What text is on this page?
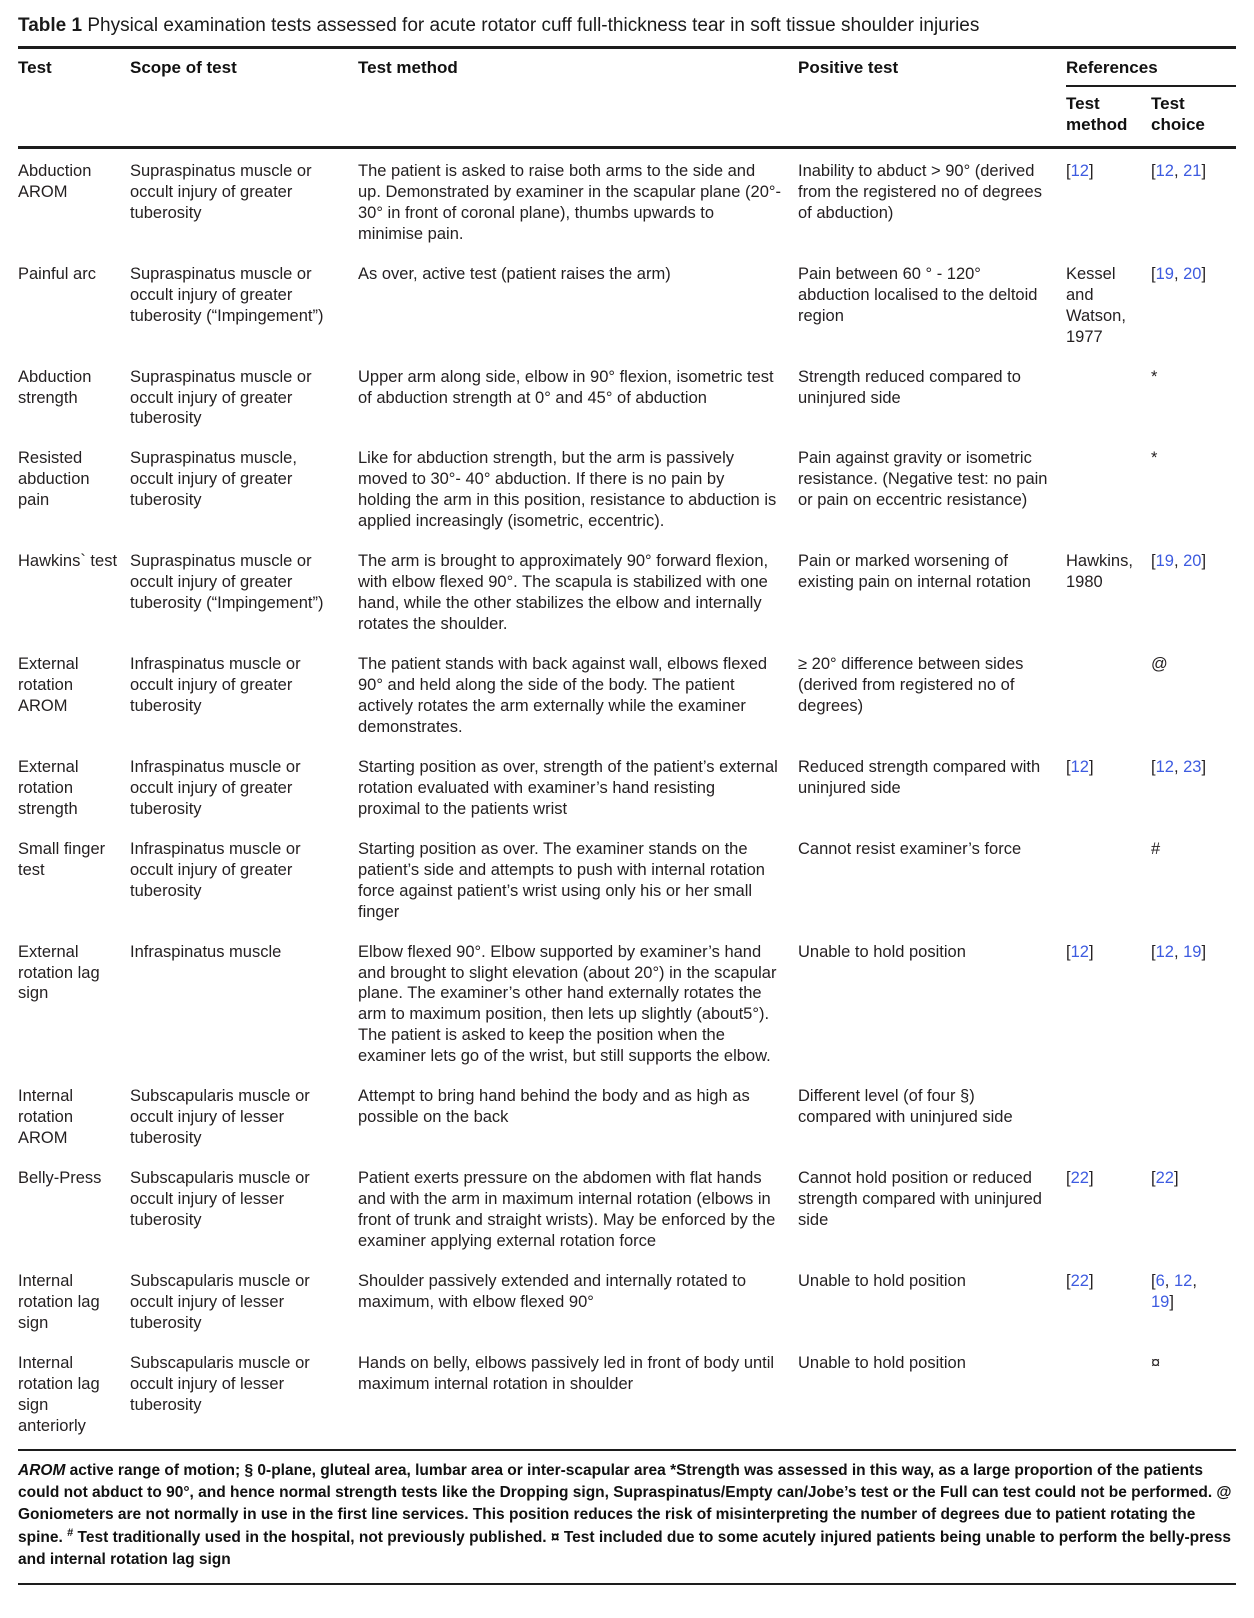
Table 1 Physical examination tests assessed for acute rotator cuff full-thickness tear in soft tissue shoulder injuries

Test	Scope of test	Test method	Positive test	References	
				Test method	Test choice
Abduction AROM	Supraspinatus muscle or occult injury of greater tuberosity	The patient is asked to raise both arms to the side and up. Demonstrated by examiner in the scapular plane (20°- 30° in front of coronal plane), thumbs upwards to minimise pain.	Inability to abduct > 90° (derived from the registered no of degrees of abduction)	[12]	[12, 21]
Painful arc	Supraspinatus muscle or occult injury of greater tuberosity (“Impingement”)	As over, active test (patient raises the arm)	Pain between 60 ° - 120° abduction localised to the deltoid region	Kessel and Watson, 1977	[19, 20]
Abduction strength	Supraspinatus muscle or occult injury of greater tuberosity	Upper arm along side, elbow in 90° flexion, isometric test of abduction strength at 0° and 45° of abduction	Strength reduced compared to uninjured side		*
Resisted abduction pain	Supraspinatus muscle, occult injury of greater tuberosity	Like for abduction strength, but the arm is passively moved to 30°- 40° abduction. If there is no pain by holding the arm in this position, resistance to abduction is applied increasingly (isometric, eccentric).	Pain against gravity or isometric resistance. (Negative test: no pain or pain on eccentric resistance)		*
Hawkins` test	Supraspinatus muscle or occult injury of greater tuberosity (“Impingement”)	The arm is brought to approximately 90° forward flexion, with elbow flexed 90°. The scapula is stabilized with one hand, while the other stabilizes the elbow and internally rotates the shoulder.	Pain or marked worsening of existing pain on internal rotation	Hawkins, 1980	[19, 20]
External rotation AROM	Infraspinatus muscle or occult injury of greater tuberosity	The patient stands with back against wall, elbows flexed 90° and held along the side of the body. The patient actively rotates the arm externally while the examiner demonstrates.	≥ 20° difference between sides (derived from registered no of degrees)		@
External rotation strength	Infraspinatus muscle or occult injury of greater tuberosity	Starting position as over, strength of the patient’s external rotation evaluated with examiner’s hand resisting proximal to the patients wrist	Reduced strength compared with uninjured side	[12]	[12, 23]
Small finger test	Infraspinatus muscle or occult injury of greater tuberosity	Starting position as over. The examiner stands on the patient’s side and attempts to push with internal rotation force against patient’s wrist using only his or her small finger	Cannot resist examiner’s force		#
External rotation lag sign	Infraspinatus muscle	Elbow flexed 90°. Elbow supported by examiner’s hand and brought to slight elevation (about 20°) in the scapular plane. The examiner’s other hand externally rotates the arm to maximum position, then lets up slightly (about5°). The patient is asked to keep the position when the examiner lets go of the wrist, but still supports the elbow.	Unable to hold position	[12]	[12, 19]
Internal rotation AROM	Subscapularis muscle or occult injury of lesser tuberosity	Attempt to bring hand behind the body and as high as possible on the back	Different level (of four §) compared with uninjured side		
Belly-Press	Subscapularis muscle or occult injury of lesser tuberosity	Patient exerts pressure on the abdomen with flat hands and with the arm in maximum internal rotation (elbows in front of trunk and straight wrists). May be enforced by the examiner applying external rotation force	Cannot hold position or reduced strength compared with uninjured side	[22]	[22]
Internal rotation lag sign	Subscapularis muscle or occult injury of lesser tuberosity	Shoulder passively extended and internally rotated to maximum, with elbow flexed 90°	Unable to hold position	[22]	[6, 12, 19]
Internal rotation lag sign anteriorly	Subscapularis muscle or occult injury of lesser tuberosity	Hands on belly, elbows passively led in front of body until maximum internal rotation in shoulder	Unable to hold position		¤
AROM active range of motion; § 0-plane, gluteal area, lumbar area or inter-scapular area *Strength was assessed in this way, as a large proportion of the patients could not abduct to 90°, and hence normal strength tests like the Dropping sign, Supraspinatus/Empty can/Jobe’s test or the Full can test could not be performed. @ Goniometers are not normally in use in the first line services. This position reduces the risk of misinterpreting the number of degrees due to patient rotating the spine. # Test traditionally used in the hospital, not previously published. ¤ Test included due to some acutely injured patients being unable to perform the belly-press and internal rotation lag sign
